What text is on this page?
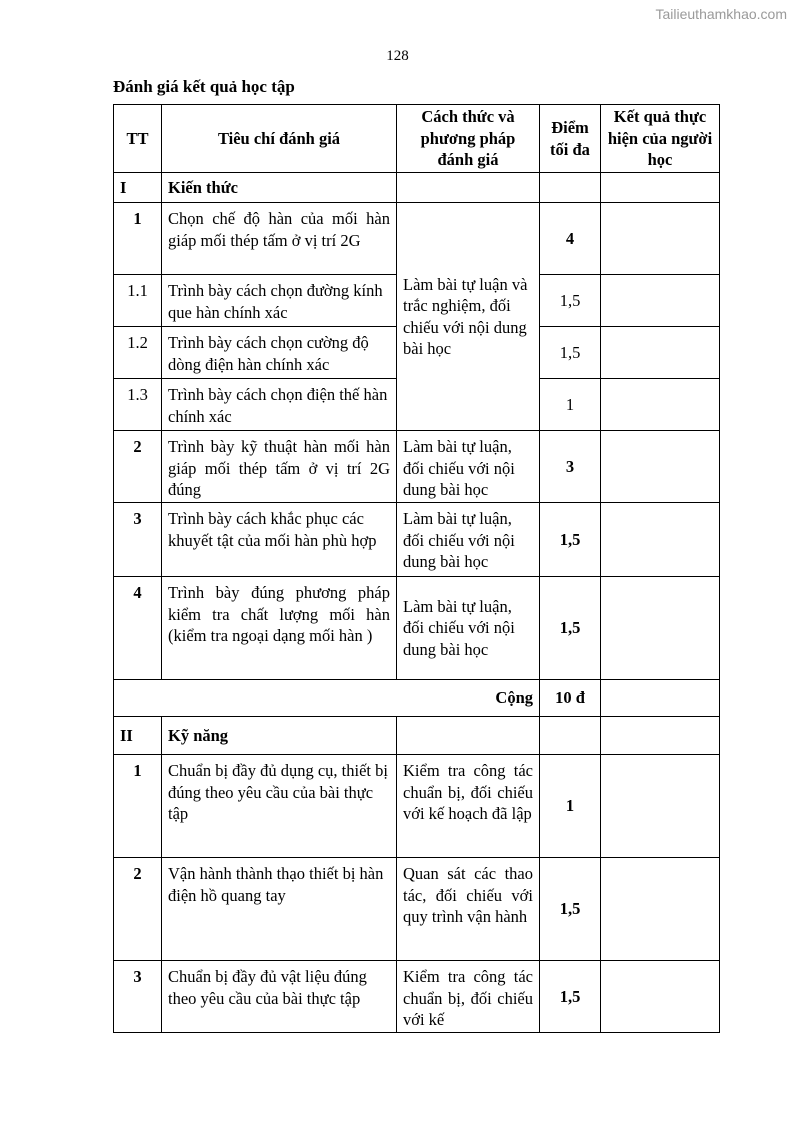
Tailieuthamkhao.com
128
Đánh giá kết quả học tập
TT	Tiêu chí đánh giá	Cách thức và phương pháp đánh giá	Điểm tối đa	Kết quả thực hiện của người học
I	Kiến thức			
1	Chọn chế độ hàn của mối hàn giáp mối thép tấm ở vị trí 2G	Làm bài tự luận và trắc nghiệm, đối chiếu với nội dung bài học	4	
1.1	Trình bày cách chọn đường kính que hàn chính xác		1,5	
1.2	Trình bày cách chọn cường độ dòng điện hàn chính xác		1,5	
1.3	Trình bày cách chọn điện thế hàn chính xác		1	
2	Trình bày kỹ thuật hàn mối hàn giáp mối thép tấm ở vị trí 2G đúng	Làm bài tự luận, đối chiếu với nội dung bài học	3	
3	Trình bày cách khắc phục các khuyết tật của mối hàn phù hợp	Làm bài tự luận, đối chiếu với nội dung bài học	1,5	
4	Trình bày đúng phương pháp kiểm tra chất lượng mối hàn (kiểm tra ngoại dạng mối hàn )	Làm bài tự luận, đối chiếu với nội dung bài học	1,5	
Cộng			10 đ	
II	Kỹ năng			
1	Chuẩn bị đầy đủ dụng cụ, thiết bị đúng theo yêu cầu của bài thực tập	Kiểm tra công tác chuẩn bị, đối chiếu với kế hoạch đã lập	1	
2	Vận hành thành thạo thiết bị hàn điện hồ quang tay	Quan sát các thao tác, đối chiếu với quy trình vận hành	1,5	
3	Chuẩn bị đầy đủ vật liệu đúng theo yêu cầu của bài thực tập	Kiểm tra công tác chuẩn bị, đối chiếu với kế	1,5	
